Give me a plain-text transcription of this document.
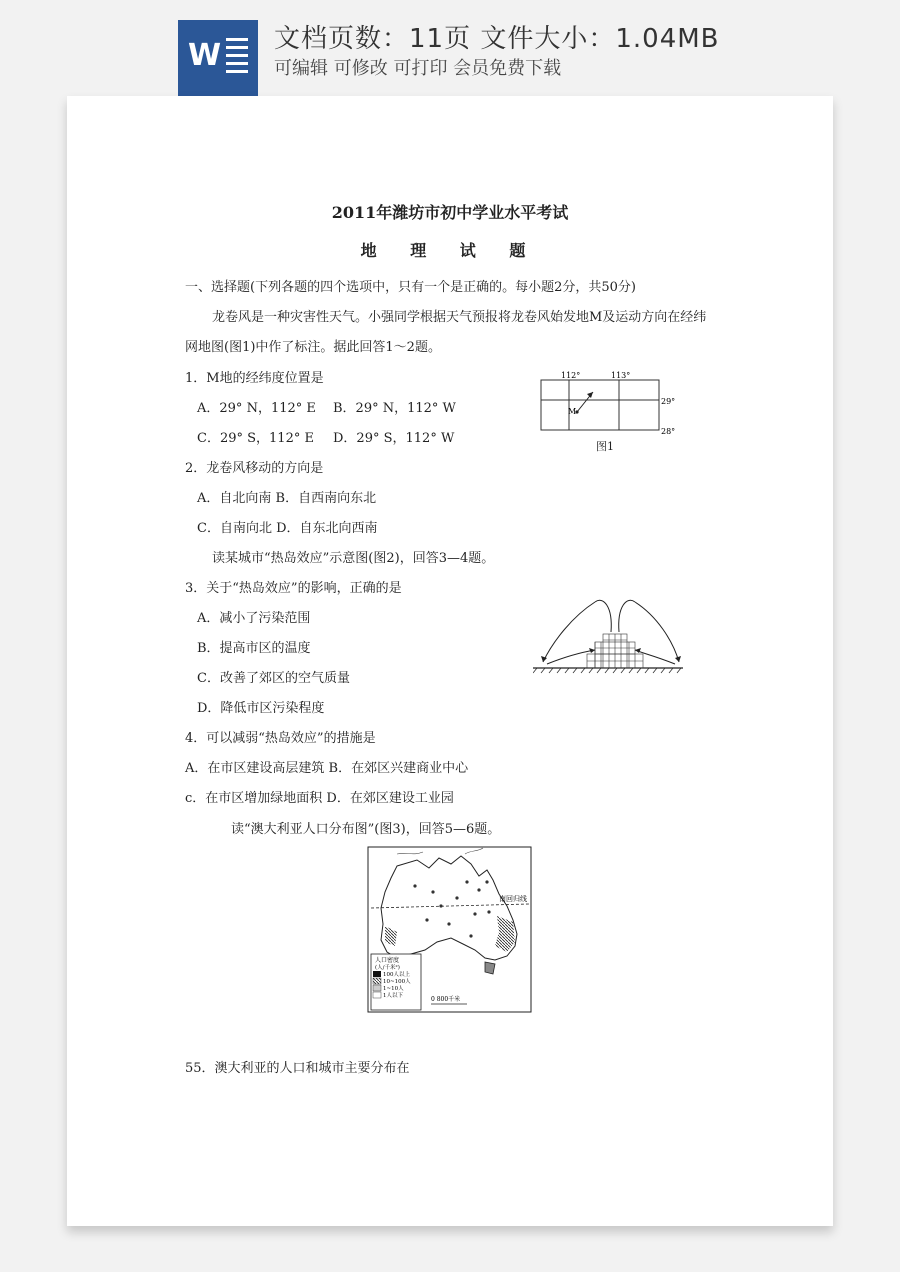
W 文档页数：11页 文件大小：1.04MB
可编辑 可修改 可打印 会员免费下载
2011年潍坊市初中学业水平考试
地 理 试 题
一、选择题(下列各题的四个选项中，只有一个是正确的。每小题2分，共50分)
龙卷风是一种灾害性天气。小强同学根据天气预报将龙卷风始发地M及运动方向在经纬
网地图(图1)中作了标注。据此回答1～2题。
1．M地的经纬度位置是
A．29° N，112° E B．29° N，112° W
C．29° S，112° E D．29° S，112° W
112°	113°
29°
28°
M
图1
2．龙卷风移动的方向是
A．自北向南 B．自西南向东北
C．自南向北 D．自东北向西南
读某城市“热岛效应”示意图(图2)，回答3—4题。
3．关于“热岛效应”的影响，正确的是
A．减小了污染范围
B．提高市区的温度
C．改善了郊区的空气质量
D．降低市区污染程度
4．可以减弱“热岛效应”的措施是
A．在市区建设高层建筑 B．在郊区兴建商业中心
c．在市区增加绿地面积 D．在郊区建设工业园
读“澳大利亚人口分布图”(图3)，回答5—6题。
南回归线
人口密度
(人/千米²)
100人以上
10~100人
1~10人
1人以下	0 800千米
55．澳大利亚的人口和城市主要分布在
